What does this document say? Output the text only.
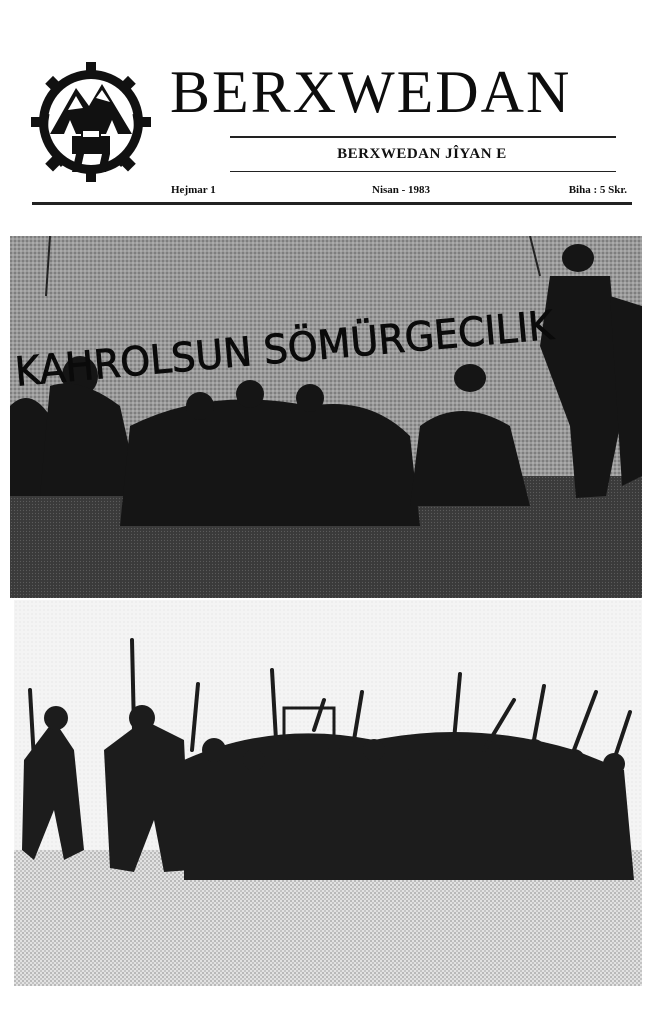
BERXWEDAN
BERXWEDAN JÎYAN E
Hejmar 1	Nisan - 1983	Biha : 5 Skr.
KAHROLSUN SÖMÜRGECILIK
